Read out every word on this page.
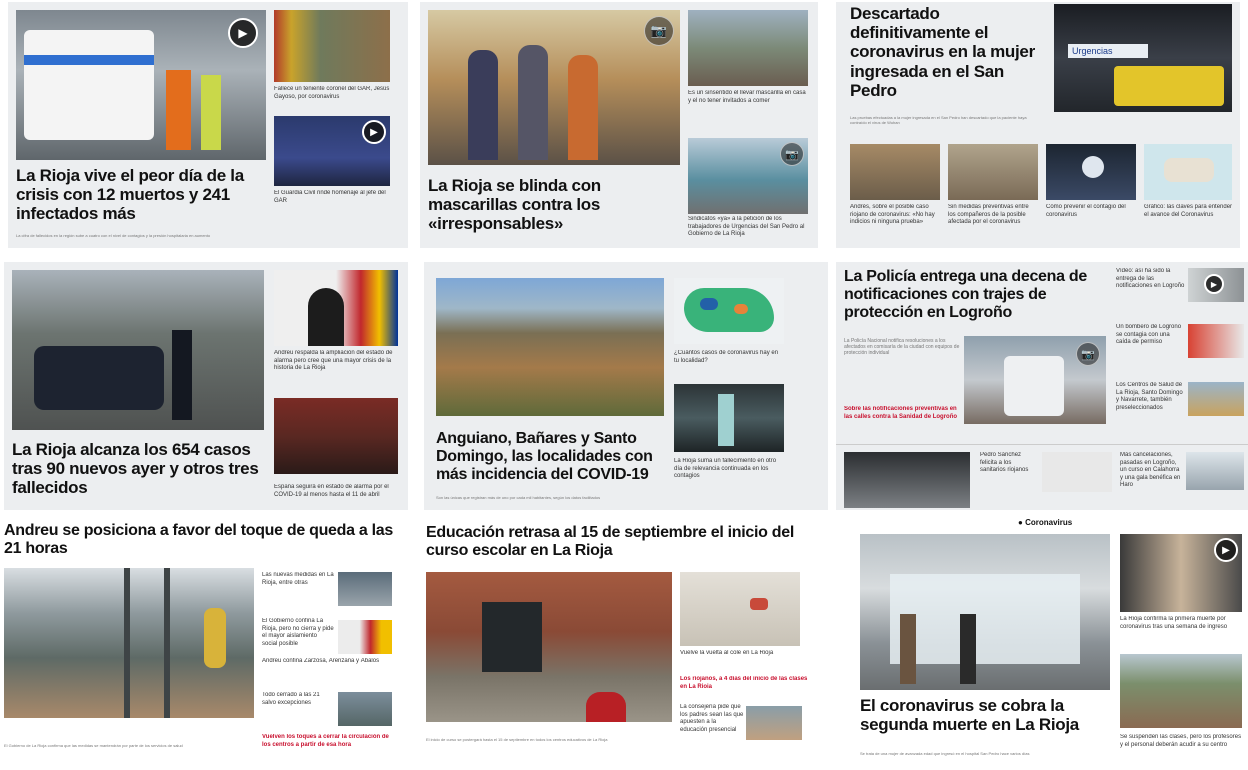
▶
Fallece un teniente coronel del GAR, Jesús Gayoso, por coronavirus
▶
El Guardia Civil rinde homenaje al jefe del GAR
La Rioja vive el peor día de la crisis con 12 muertos y 241 infectados más
La cifra de fallecidos en la región sube a cuatro con el nivel de contagios y la presión hospitalaria en aumento
📷
Es un sinsentido el llevar mascarilla en casa y el no tener invitados a comer
📷
Sindicatos «ya» a la petición de los trabajadores de Urgencias del San Pedro al Gobierno de La Rioja
La Rioja se blinda con mascarillas contra los «irresponsables»
Descartado definitivamente el coronavirus en la mujer ingresada en el San Pedro
Urgencias
Las pruebas efectuadas a la mujer ingresada en el San Pedro han descartado que la paciente haya contraído el virus de Wuhan
Andrés, sobre el posible caso riojano de coronavirus: «No hay indicios ni ninguna prueba»
Sin medidas preventivas entre los compañeros de la posible afectada por el coronavirus
Cómo prevenir el contagio del coronavirus
Gráfico: las claves para entender el avance del Coronavirus
Andreu respalda la ampliación del estado de alarma pero cree que una mayor crisis de la historia de La Rioja
España seguirá en estado de alarma por el COVID-19 al menos hasta el 11 de abril
La Rioja alcanza los 654 casos tras 90 nuevos ayer y otros tres fallecidos
Anguiano, Bañares y Santo Domingo, las localidades con más incidencia del COVID-19
Son las únicas que registran más de uno por cada mil habitantes, según los datos facilitados
¿Cuántos casos de coronavirus hay en tu localidad?
La Rioja suma un fallecimiento en otro día de relevancia continuada en los contagios
La Policía entrega una decena de notificaciones con trajes de protección en Logroño
La Policía Nacional notifica resoluciones a los afectados en comisaría de la ciudad con equipos de protección individual	📷
Sobre las notificaciones preventivas en las calles contra la Sanidad de Logroño
Vídeo: así ha sido la entrega de las notificaciones en Logroño	▶
Un bombero de Logroño se contagia con una caída de permiso
Los Centros de Salud de La Rioja, Santo Domingo y Navarrete, también preseleccionados
Pedro Sánchez felicita a los sanitarios riojanos
Más cancelaciones, pasadas en Logroño, un curso en Calahorra y una gala benéfica en Haro
Andreu se posiciona a favor del toque de queda a las 21 horas
Las nuevas medidas en La Rioja, entre otras
El Gobierno confina La Rioja, pero no cierra y pide el mayor aislamiento social posible
Andreu confina Zarzosa, Arenzana y Ábalos
Todo cerrado a las 21 salvo excepciones
Vuelven los toques a cerrar la circulación de los centros a partir de esa hora
El Gobierno de La Rioja confirma que las medidas se mantendrán por parte de los servicios de salud
Educación retrasa al 15 de septiembre el inicio del curso escolar en La Rioja
Vuelve la vuelta al cole en La Rioja
Los riojanos, a 4 días del inicio de las clases en La Rioja
La consejería pide que los padres sean las que apuesten a la educación presencial
El inicio de curso se postergará hasta el 15 de septiembre en todos los centros educativos de La Rioja
● Coronavirus
El coronavirus se cobra la segunda muerte en La Rioja
Se trata de una mujer de avanzada edad que ingresó en el hospital San Pedro hace varios días
▶
La Rioja confirma la primera muerte por coronavirus tras una semana de ingreso
Se suspenden las clases, pero los profesores y el personal deberán acudir a su centro
